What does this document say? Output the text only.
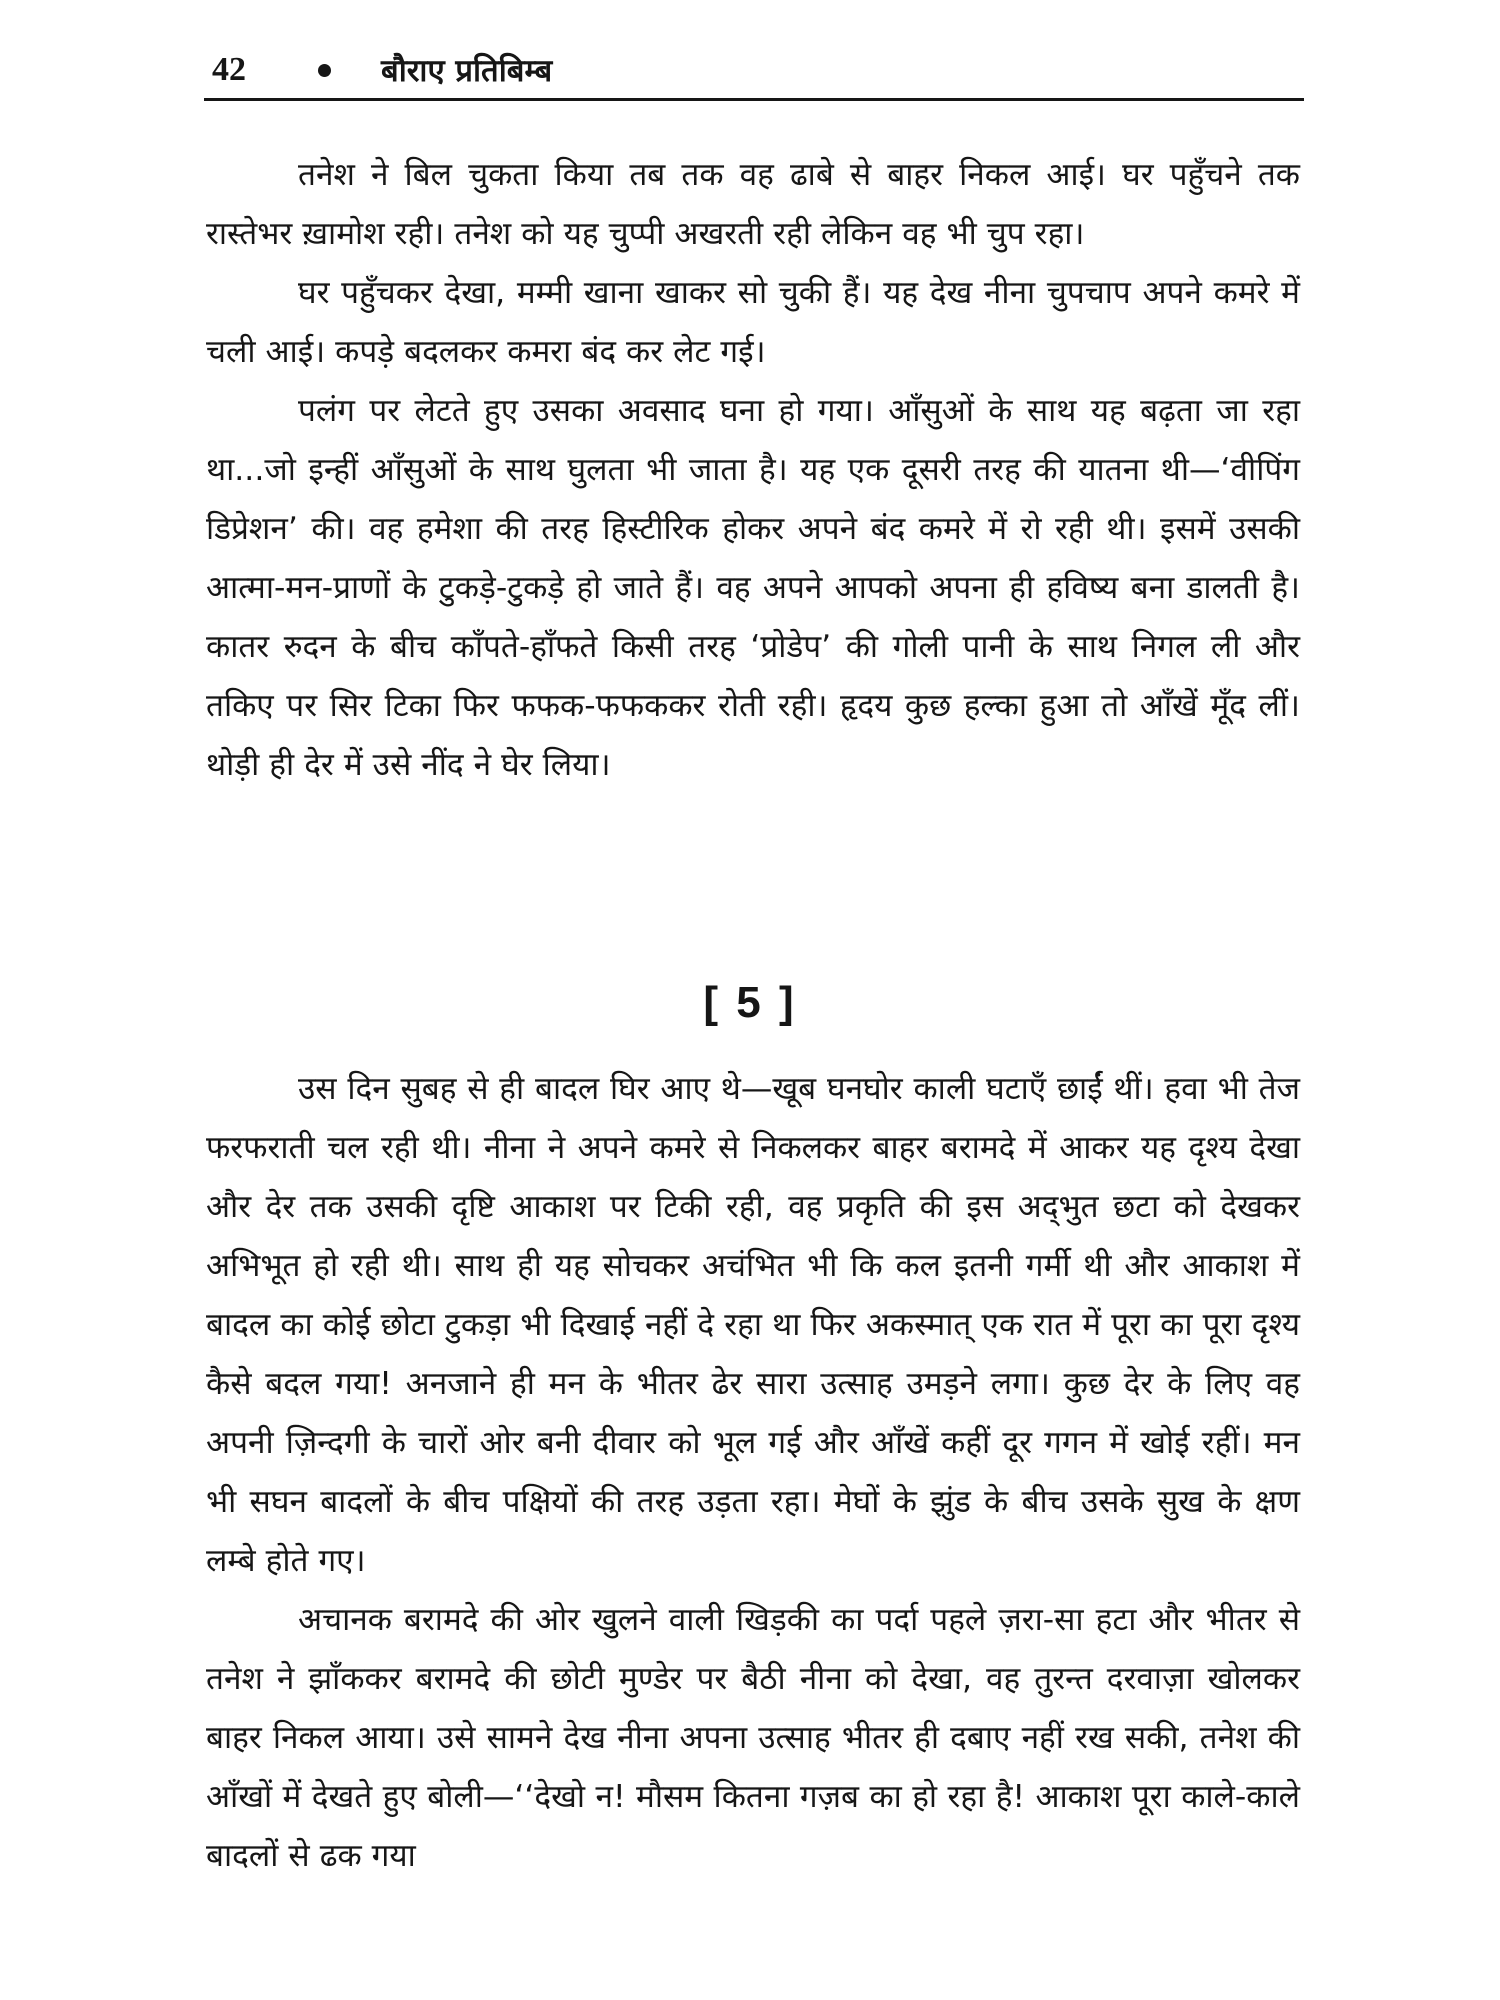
42	बौराए प्रतिबिम्ब

तनेश ने बिल चुकता किया तब तक वह ढाबे से बाहर निकल आई। घर पहुँचने तक रास्तेभर ख़ामोश रही। तनेश को यह चुप्पी अखरती रही लेकिन वह भी चुप रहा।

घर पहुँचकर देखा, मम्मी खाना खाकर सो चुकी हैं। यह देख नीना चुपचाप अपने कमरे में चली आई। कपड़े बदलकर कमरा बंद कर लेट गई।

पलंग पर लेटते हुए उसका अवसाद घना हो गया। आँसुओं के साथ यह बढ़ता जा रहा था...जो इन्हीं आँसुओं के साथ घुलता भी जाता है। यह एक दूसरी तरह की यातना थी—‘वीपिंग डिप्रेशन’ की। वह हमेशा की तरह हिस्टीरिक होकर अपने बंद कमरे में रो रही थी। इसमें उसकी आत्मा-मन-प्राणों के टुकड़े-टुकड़े हो जाते हैं। वह अपने आपको अपना ही हविष्य बना डालती है। कातर रुदन के बीच काँपते-हाँफते किसी तरह ‘प्रोडेप’ की गोली पानी के साथ निगल ली और तकिए पर सिर टिका फिर फफक-फफककर रोती रही। हृदय कुछ हल्का हुआ तो आँखें मूँद लीं। थोड़ी ही देर में उसे नींद ने घेर लिया।

[ 5 ]

उस दिन सुबह से ही बादल घिर आए थे—खूब घनघोर काली घटाएँ छाईं थीं। हवा भी तेज फरफराती चल रही थी। नीना ने अपने कमरे से निकलकर बाहर बरामदे में आकर यह दृश्य देखा और देर तक उसकी दृष्टि आकाश पर टिकी रही, वह प्रकृति की इस अद्‌भुत छटा को देखकर अभिभूत हो रही थी। साथ ही यह सोचकर अचंभित भी कि कल इतनी गर्मी थी और आकाश में बादल का कोई छोटा टुकड़ा भी दिखाई नहीं दे रहा था फिर अकस्मात् एक रात में पूरा का पूरा दृश्य कैसे बदल गया! अनजाने ही मन के भीतर ढेर सारा उत्साह उमड़ने लगा। कुछ देर के लिए वह अपनी ज़िन्दगी के चारों ओर बनी दीवार को भूल गई और आँखें कहीं दूर गगन में खोई रहीं। मन भी सघन बादलों के बीच पक्षियों की तरह उड़ता रहा। मेघों के झुंड के बीच उसके सुख के क्षण लम्बे होते गए।

अचानक बरामदे की ओर खुलने वाली खिड़की का पर्दा पहले ज़रा-सा हटा और भीतर से तनेश ने झाँककर बरामदे की छोटी मुण्डेर पर बैठी नीना को देखा, वह तुरन्त दरवाज़ा खोलकर बाहर निकल आया। उसे सामने देख नीना अपना उत्साह भीतर ही दबाए नहीं रख सकी, तनेश की आँखों में देखते हुए बोली—‘‘देखो न! मौसम कितना गज़ब का हो रहा है! आकाश पूरा काले-काले बादलों से ढक गया
